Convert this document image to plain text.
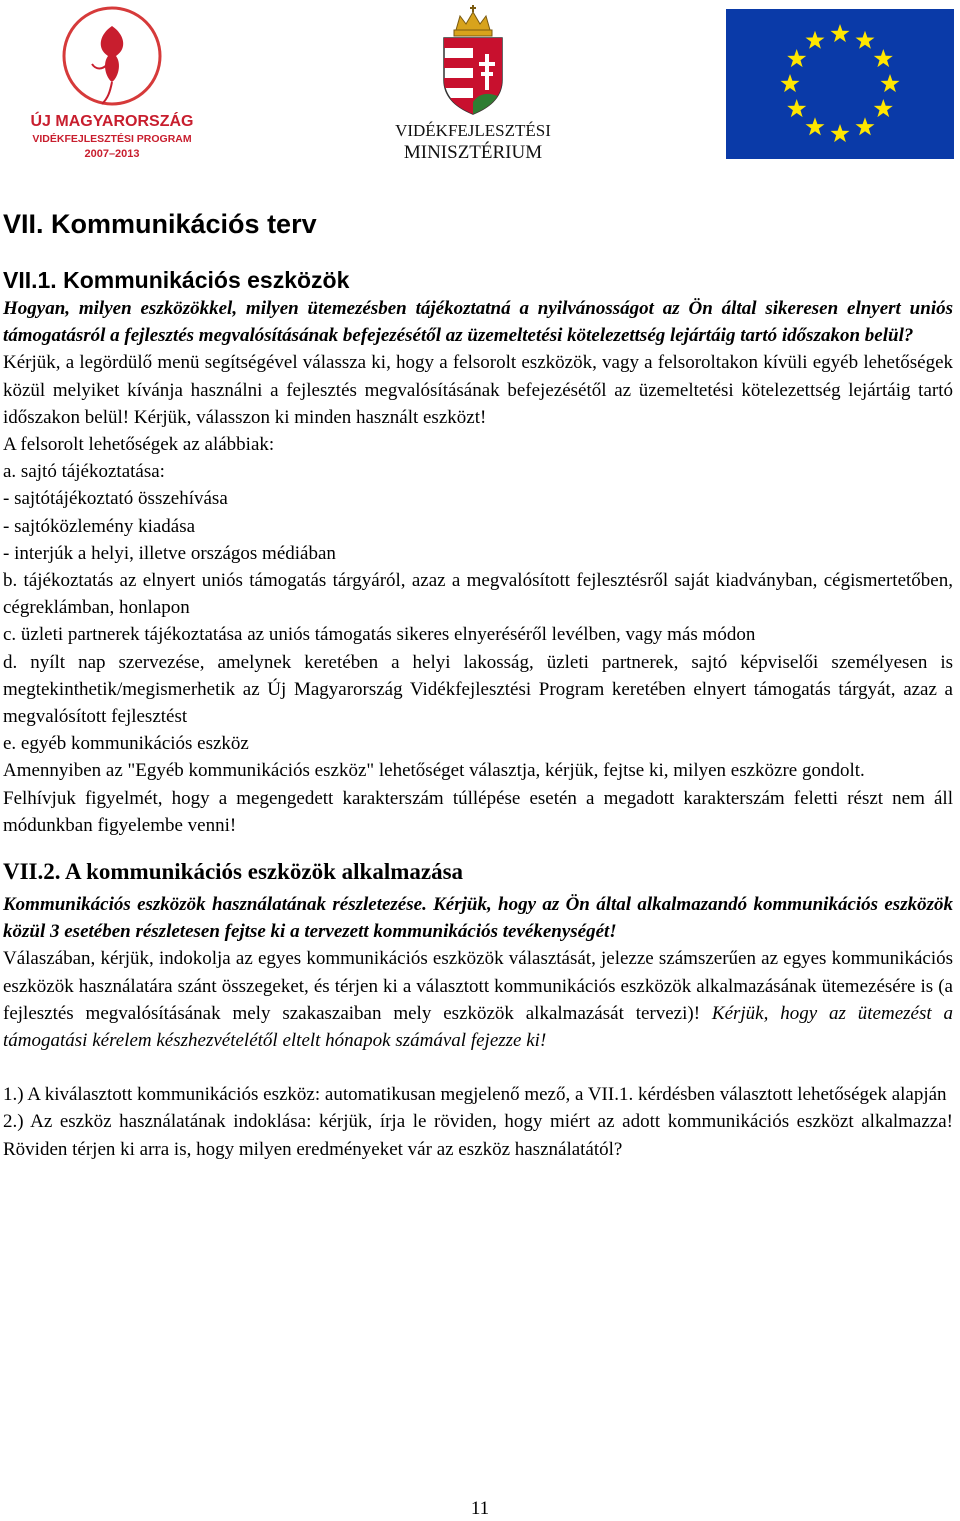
ÚJ MAGYARORSZÁG
VIDÉKFEJLESZTÉSI PROGRAM
2007–2013
VIDÉKFEJLESZTÉSI
MINISZTÉRIUM
VII. Kommunikációs terv
VII.1. Kommunikációs eszközök

Hogyan, milyen eszközökkel, milyen ütemezésben tájékoztatná a nyilvánosságot az Ön által sikeresen elnyert uniós támogatásról a fejlesztés megvalósításának befejezésétől az üzemeltetési kötelezettség lejártáig tartó időszakon belül?

Kérjük, a legördülő menü segítségével válassza ki, hogy a felsorolt eszközök, vagy a felsoroltakon kívüli egyéb lehetőségek közül melyiket kívánja használni a fejlesztés megvalósításának befejezésétől az üzemeltetési kötelezettség lejártáig tartó időszakon belül! Kérjük, válasszon ki minden használt eszközt!

A felsorolt lehetőségek az alábbiak:

a. sajtó tájékoztatása:

- sajtótájékoztató összehívása

- sajtóközlemény kiadása

- interjúk a helyi, illetve országos médiában

b. tájékoztatás az elnyert uniós támogatás tárgyáról, azaz a megvalósított fejlesztésről saját kiadványban, cégismertetőben, cégreklámban, honlapon

c. üzleti partnerek tájékoztatása az uniós támogatás sikeres elnyeréséről levélben, vagy más módon

d. nyílt nap szervezése, amelynek keretében a helyi lakosság, üzleti partnerek, sajtó képviselői személyesen is megtekinthetik/megismerhetik az Új Magyarország Vidékfejlesztési Program keretében elnyert támogatás tárgyát, azaz a megvalósított fejlesztést

e. egyéb kommunikációs eszköz

Amennyiben az "Egyéb kommunikációs eszköz" lehetőséget választja, kérjük, fejtse ki, milyen eszközre gondolt.

Felhívjuk figyelmét, hogy a megengedett karakterszám túllépése esetén a megadott karakterszám feletti részt nem áll módunkban figyelembe venni!

VII.2. A kommunikációs eszközök alkalmazása

Kommunikációs eszközök használatának részletezése. Kérjük, hogy az Ön által alkalmazandó kommunikációs eszközök közül 3 esetében részletesen fejtse ki a tervezett kommunikációs tevékenységét!

Válaszában, kérjük, indokolja az egyes kommunikációs eszközök választását, jelezze számszerűen az egyes kommunikációs eszközök használatára szánt összegeket, és térjen ki a választott kommunikációs eszközök alkalmazásának ütemezésére is (a fejlesztés megvalósításának mely szakaszaiban mely eszközök alkalmazását tervezi)! Kérjük, hogy az ütemezést a támogatási kérelem készhezvételétől eltelt hónapok számával fejezze ki!

1.) A kiválasztott kommunikációs eszköz: automatikusan megjelenő mező, a VII.1. kérdésben választott lehetőségek alapján

2.) Az eszköz használatának indoklása: kérjük, írja le röviden, hogy miért az adott kommunikációs eszközt alkalmazza! Röviden térjen ki arra is, hogy milyen eredményeket vár az eszköz használatától?

11
